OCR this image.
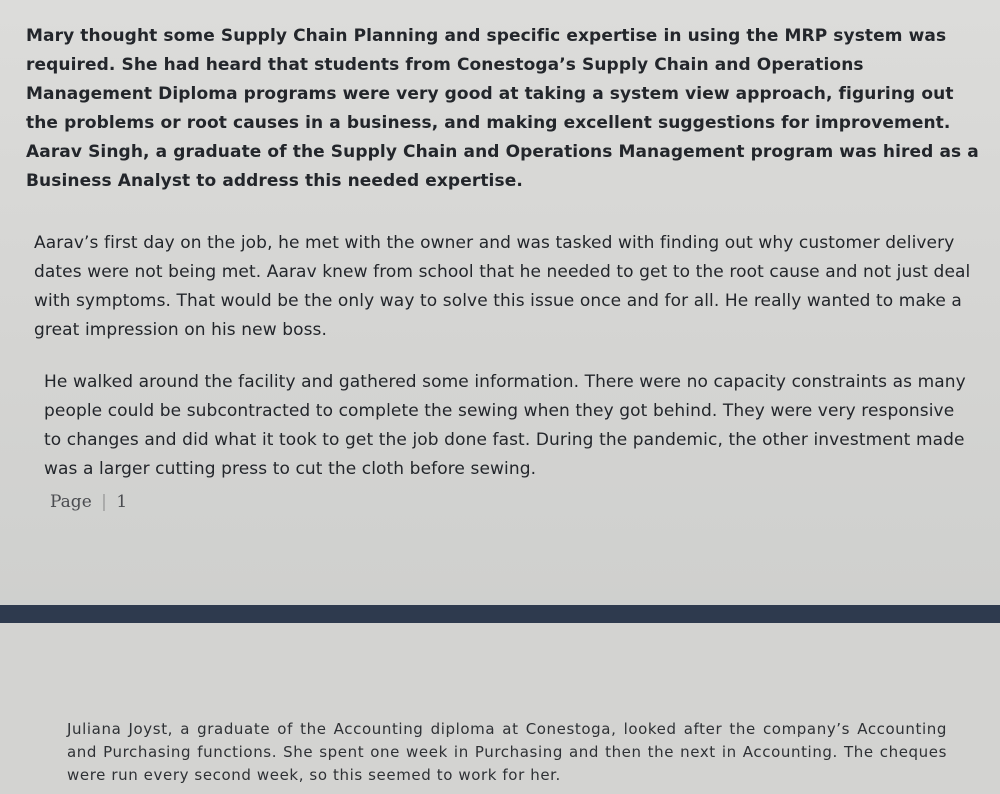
Mary thought some Supply Chain Planning and specific expertise in using the MRP system was required. She had heard that students from Conestoga’s Supply Chain and Operations Management Diploma programs were very good at taking a system view approach, figuring out the problems or root causes in a business, and making excellent suggestions for improvement. Aarav Singh, a graduate of the Supply Chain and Operations Management program was hired as a Business Analyst to address this needed expertise.

Aarav’s first day on the job, he met with the owner and was tasked with finding out why customer delivery dates were not being met. Aarav knew from school that he needed to get to the root cause and not just deal with symptoms. That would be the only way to solve this issue once and for all. He really wanted to make a great impression on his new boss.

He walked around the facility and gathered some information. There were no capacity constraints as many people could be subcontracted to complete the sewing when they got behind. They were very responsive to changes and did what it took to get the job done fast. During the pandemic, the other investment made was a larger cutting press to cut the cloth before sewing.

Page | 1

Juliana Joyst, a graduate of the Accounting diploma at Conestoga, looked after the company’s Accounting and Purchasing functions. She spent one week in Purchasing and then the next in Accounting. The cheques were run every second week, so this seemed to work for her.
